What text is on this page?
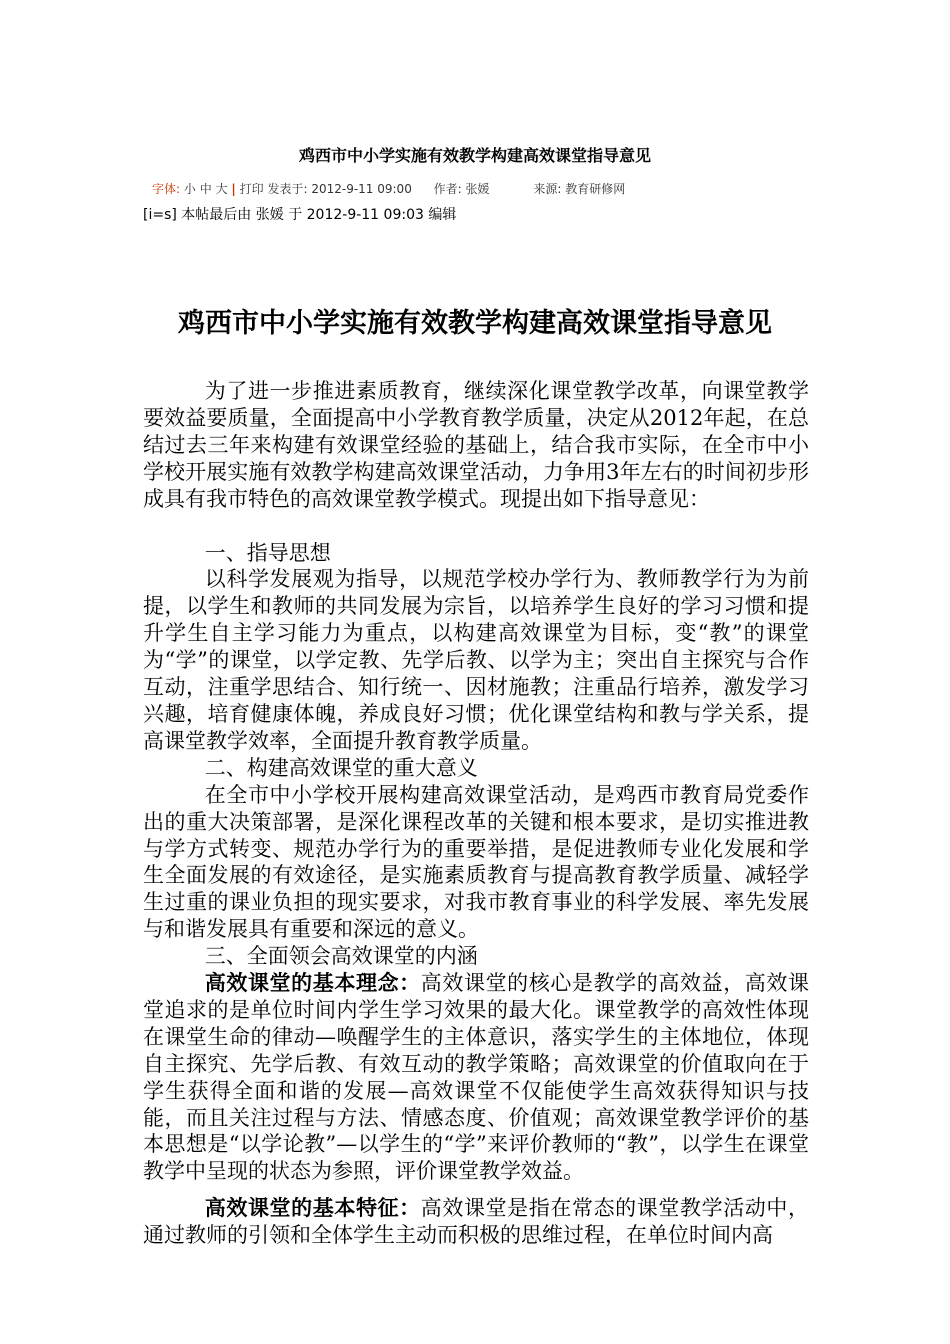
鸡西市中小学实施有效教学构建高效课堂指导意见
字体: 小 中 大 | 打印 发表于: 2012-9-11 09:00 作者: 张媛	来源: 教育研修网
[i=s] 本帖最后由 张媛 于 2012-9-11 09:03 编辑
鸡西市中小学实施有效教学构建高效课堂指导意见

为了进一步推进素质教育，继续深化课堂教学改革，向课堂教学要效益要质量，全面提高中小学教育教学质量，决定从2012年起，在总结过去三年来构建有效课堂经验的基础上，结合我市实际，在全市中小学校开展实施有效教学构建高效课堂活动，力争用3年左右的时间初步形成具有我市特色的高效课堂教学模式。现提出如下指导意见：

一、指导思想

以科学发展观为指导，以规范学校办学行为、教师教学行为为前提，以学生和教师的共同发展为宗旨，以培养学生良好的学习习惯和提升学生自主学习能力为重点，以构建高效课堂为目标，变“教”的课堂为“学”的课堂，以学定教、先学后教、以学为主；突出自主探究与合作互动，注重学思结合、知行统一、因材施教；注重品行培养，激发学习兴趣，培育健康体魄，养成良好习惯；优化课堂结构和教与学关系，提高课堂教学效率，全面提升教育教学质量。

二、构建高效课堂的重大意义

在全市中小学校开展构建高效课堂活动，是鸡西市教育局党委作出的重大决策部署，是深化课程改革的关键和根本要求，是切实推进教与学方式转变、规范办学行为的重要举措，是促进教师专业化发展和学生全面发展的有效途径，是实施素质教育与提高教育教学质量、减轻学生过重的课业负担的现实要求，对我市教育事业的科学发展、率先发展与和谐发展具有重要和深远的意义。

三、全面领会高效课堂的内涵

高效课堂的基本理念：高效课堂的核心是教学的高效益，高效课堂追求的是单位时间内学生学习效果的最大化。课堂教学的高效性体现在课堂生命的律动—唤醒学生的主体意识，落实学生的主体地位，体现自主探究、先学后教、有效互动的教学策略；高效课堂的价值取向在于学生获得全面和谐的发展—高效课堂不仅能使学生高效获得知识与技能，而且关注过程与方法、情感态度、价值观；高效课堂教学评价的基本思想是“以学论教”—以学生的“学”来评价教师的“教”，以学生在课堂教学中呈现的状态为参照，评价课堂教学效益。

高效课堂的基本特征：高效课堂是指在常态的课堂教学活动中，通过教师的引领和全体学生主动而积极的思维过程，在单位时间内高
